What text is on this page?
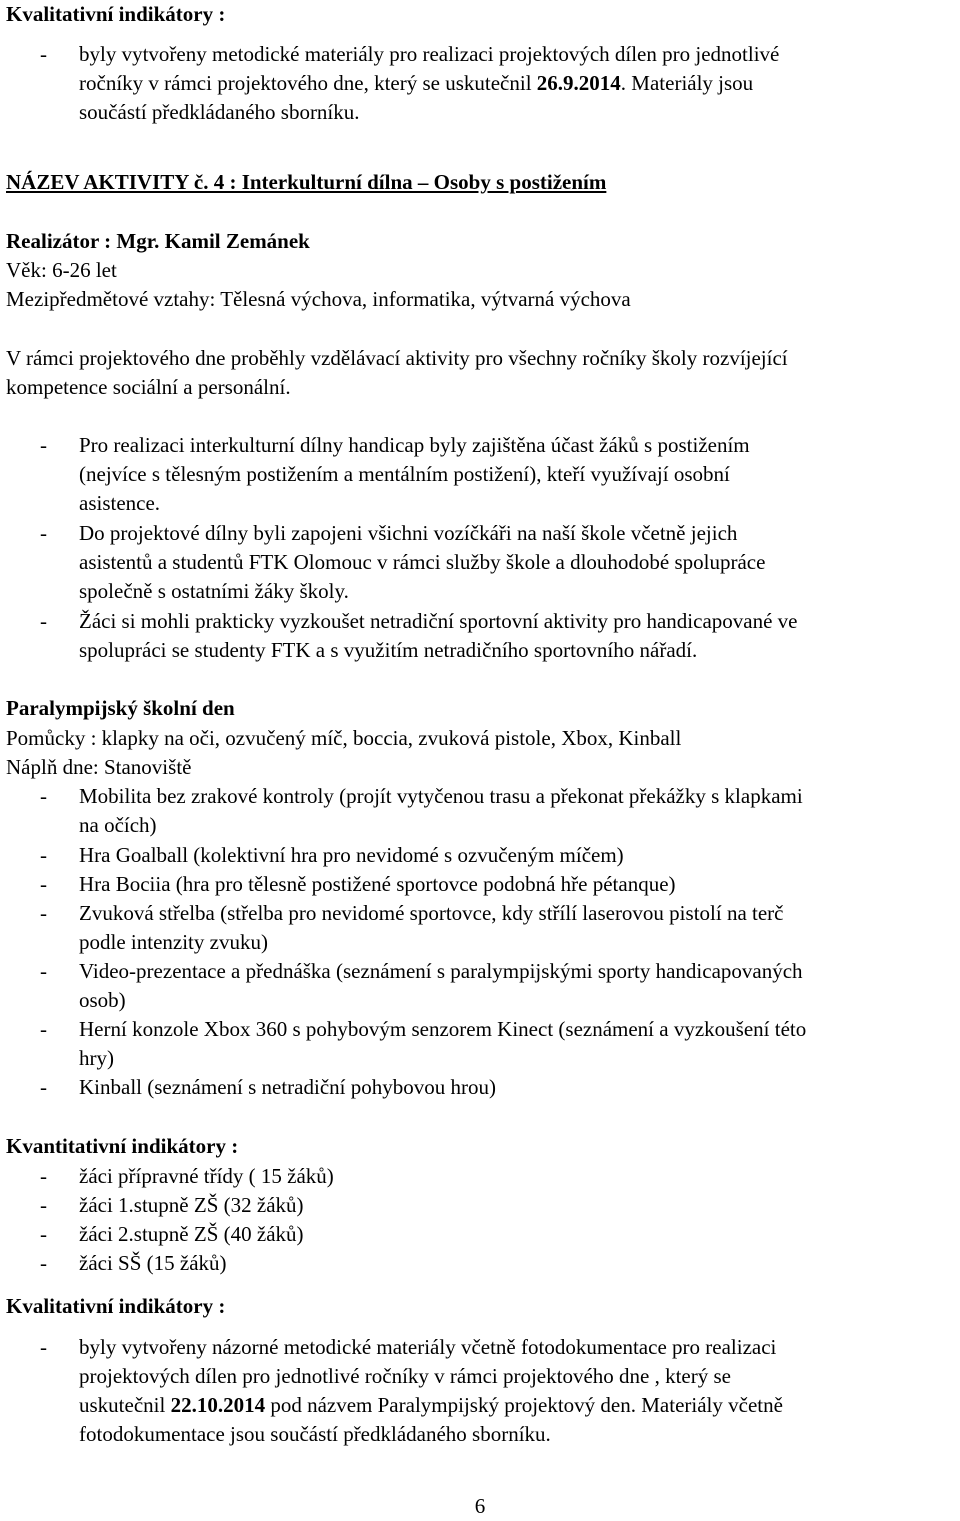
Kvalitativní indikátory :

- byly vytvořeny metodické materiály pro realizaci projektových dílen pro jednotlivé
ročníky v rámci projektového dne, který se uskutečnil 26.9.2014. Materiály jsou
součástí předkládaného sborníku.

NÁZEV AKTIVITY č. 4 : Interkulturní dílna – Osoby s postižením

Realizátor : Mgr. Kamil Zemánek

Věk: 6-26 let

Mezipředmětové vztahy: Tělesná výchova, informatika, výtvarná výchova

V rámci projektového dne proběhly vzdělávací aktivity pro všechny ročníky školy rozvíjející

kompetence sociální a personální.

- Pro realizaci interkulturní dílny handicap byly zajištěna účast žáků s postižením
(nejvíce s tělesným postižením a mentálním postižení), kteří využívají osobní
asistence.
- Do projektové dílny byli zapojeni všichni vozíčkáři na naší škole včetně jejich
asistentů a studentů FTK Olomouc v rámci služby škole a dlouhodobé spolupráce
společně s ostatními žáky školy.
- Žáci si mohli prakticky vyzkoušet netradiční sportovní aktivity pro handicapované ve
spolupráci se studenty FTK a s využitím netradičního sportovního nářadí.

Paralympijský školní den

Pomůcky : klapky na oči, ozvučený míč, boccia, zvuková pistole, Xbox, Kinball

Náplň dne: Stanoviště

- Mobilita bez zrakové kontroly (projít vytyčenou trasu a překonat překážky s klapkami
na očích)
- Hra Goalball (kolektivní hra pro nevidomé s ozvučeným míčem)
- Hra Bociia (hra pro tělesně postižené sportovce podobná hře pétanque)
- Zvuková střelba (střelba pro nevidomé sportovce, kdy střílí laserovou pistolí na terč
podle intenzity zvuku)
- Video-prezentace a přednáška (seznámení s paralympijskými sporty handicapovaných
osob)
- Herní konzole Xbox 360 s pohybovým senzorem Kinect (seznámení a vyzkoušení této
hry)
- Kinball (seznámení s netradiční pohybovou hrou)

Kvantitativní indikátory :

- žáci přípravné třídy ( 15 žáků)
- žáci 1.stupně ZŠ (32 žáků)
- žáci 2.stupně ZŠ (40 žáků)
- žáci SŠ (15 žáků)

Kvalitativní indikátory :

- byly vytvořeny názorné metodické materiály včetně fotodokumentace pro realizaci
projektových dílen pro jednotlivé ročníky v rámci projektového dne , který se
uskutečnil 22.10.2014 pod názvem Paralympijský projektový den. Materiály včetně
fotodokumentace jsou součástí předkládaného sborníku.
6
